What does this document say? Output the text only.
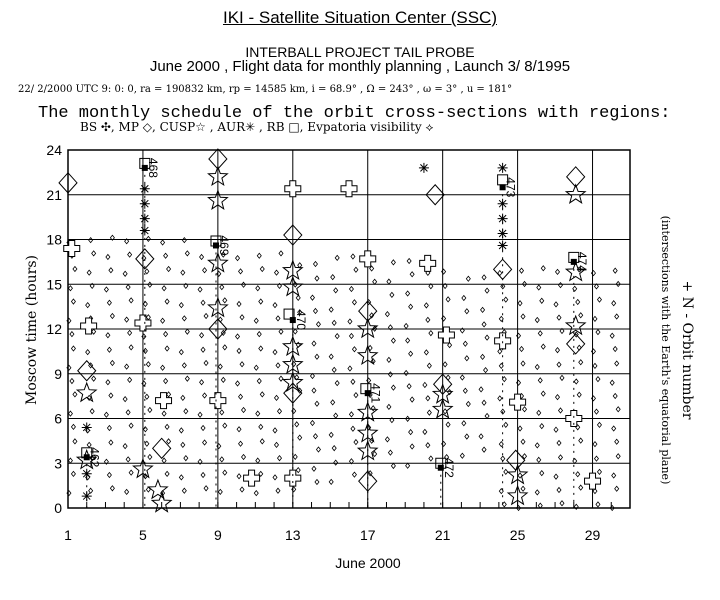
IKI - Satellite Situation Center (SSC)
INTERBALL PROJECT TAIL PROBE
June 2000 , Flight data for monthly planning , Launch 3/ 8/1995
22/ 2/2000 UTC 9: 0: 0, ra = 190832 km, rp = 14585 km, i = 68.9° , Ω = 243° , ω = 3° , u = 181°
The monthly schedule of the orbit cross-sections with regions:
BS ✣, MP ◇, CUSP☆ , AUR✳ , RB □, Evpatoria visibility ⟡
462
468
469
470
471
472
473
474
0
3
6
9
12
15
18
21
24
1	5	9	13	17	21	25	29
June 2000
Moscow time (hours)	+ N - Orbit number
(intersections with the Earth's equatorial plane)
